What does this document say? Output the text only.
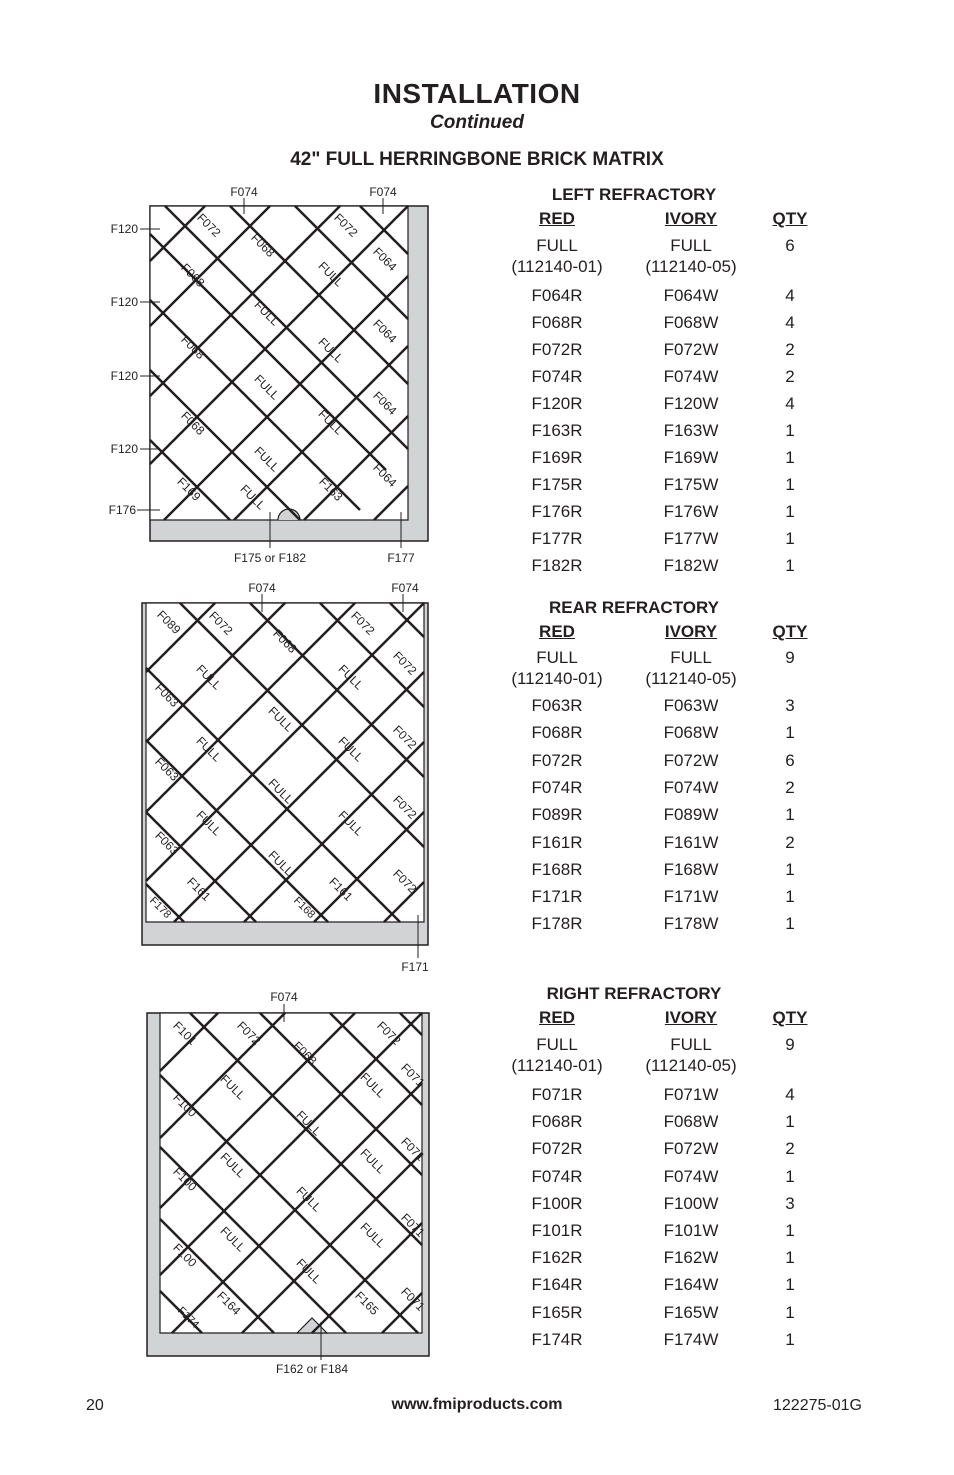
INSTALLATION
Continued
42" FULL HERRINGBONE BRICK MATRIX
F074	F074
F120
F120
F120
F120
F176
F175 or F182	F177
F072
F068
F072
F064
F068
FULL
FULL
F064
F068
FULL
FULL
F068
FULL
FULL
F064
F169	FULL	F163 F064
F074	F074
F171
F089 F072
F068
F072
F072
FULL	FULL
F063
FULL
F072
FULL	FULL
F063
FULL
F072
FULL	FULL
F063
FULL
F072
F161	F161
F178	F168
F074
F162 or F184
F101	F072
F068
F072
F071
FULL	FULL
F100
FULL
F071
FULL	FULL
F100
FULL
F071
FULL	FULL
F100
FULL
F071
F174
F164	F165
LEFT REFRACTORY
RED	IVORY	QTY
FULL	FULL	6
(112140-01)	(112140-05)
F064R	F064W	4
F068R	F068W	4
F072R	F072W	2
F074R	F074W	2
F120R	F120W	4
F163R	F163W	1
F169R	F169W	1
F175R	F175W	1
F176R	F176W	1
F177R	F177W	1
F182R	F182W	1
REAR REFRACTORY
RED	IVORY	QTY
FULL	FULL	9
(112140-01)	(112140-05)
F063R	F063W	3
F068R	F068W	1
F072R	F072W	6
F074R	F074W	2
F089R	F089W	1
F161R	F161W	2
F168R	F168W	1
F171R	F171W	1
F178R	F178W	1
RIGHT REFRACTORY
RED	IVORY	QTY
FULL	FULL	9
(112140-01)	(112140-05)
F071R	F071W	4
F068R	F068W	1
F072R	F072W	2
F074R	F074W	1
F100R	F100W	3
F101R	F101W	1
F162R	F162W	1
F164R	F164W	1
F165R	F165W	1
F174R	F174W	1
20	www.fmiproducts.com	122275-01G
